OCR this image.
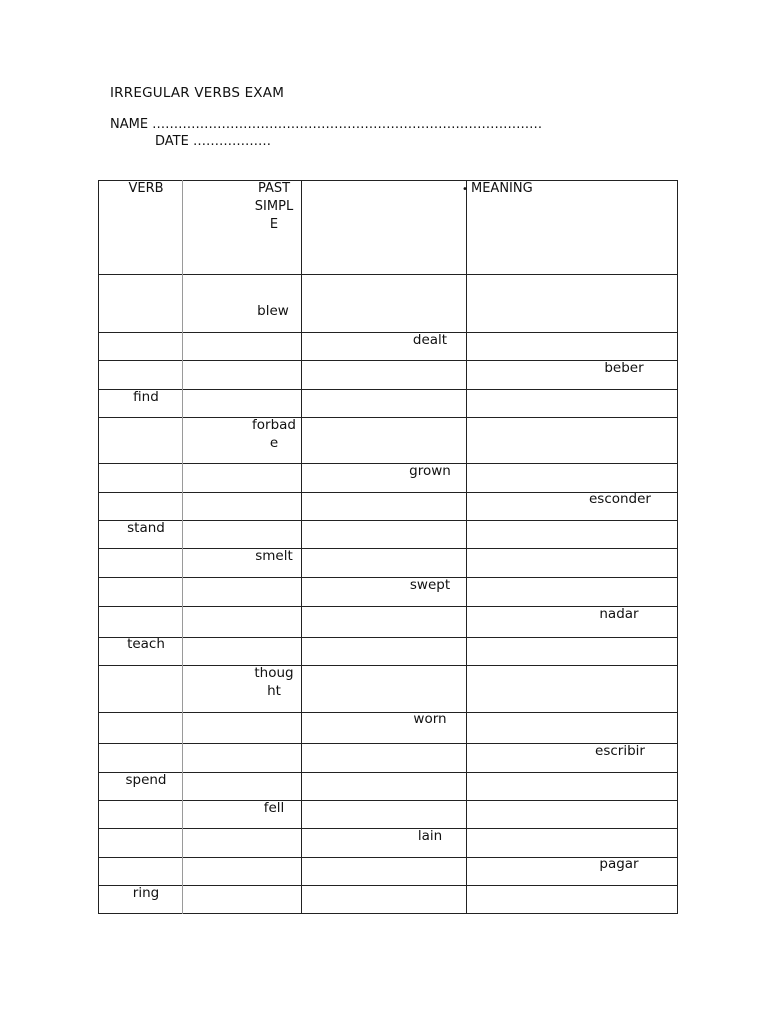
IRREGULAR VERBS EXAM
NAME ………………………………………………………………………………
DATE ………………
VERB	PAST
SIMPL
E
• MEANING
blew
dealt
beber
find
forbad
e
grown
esconder
stand
smelt
swept
nadar
teach
thoug
ht
worn
escribir
spend
fell
lain
pagar
ring
